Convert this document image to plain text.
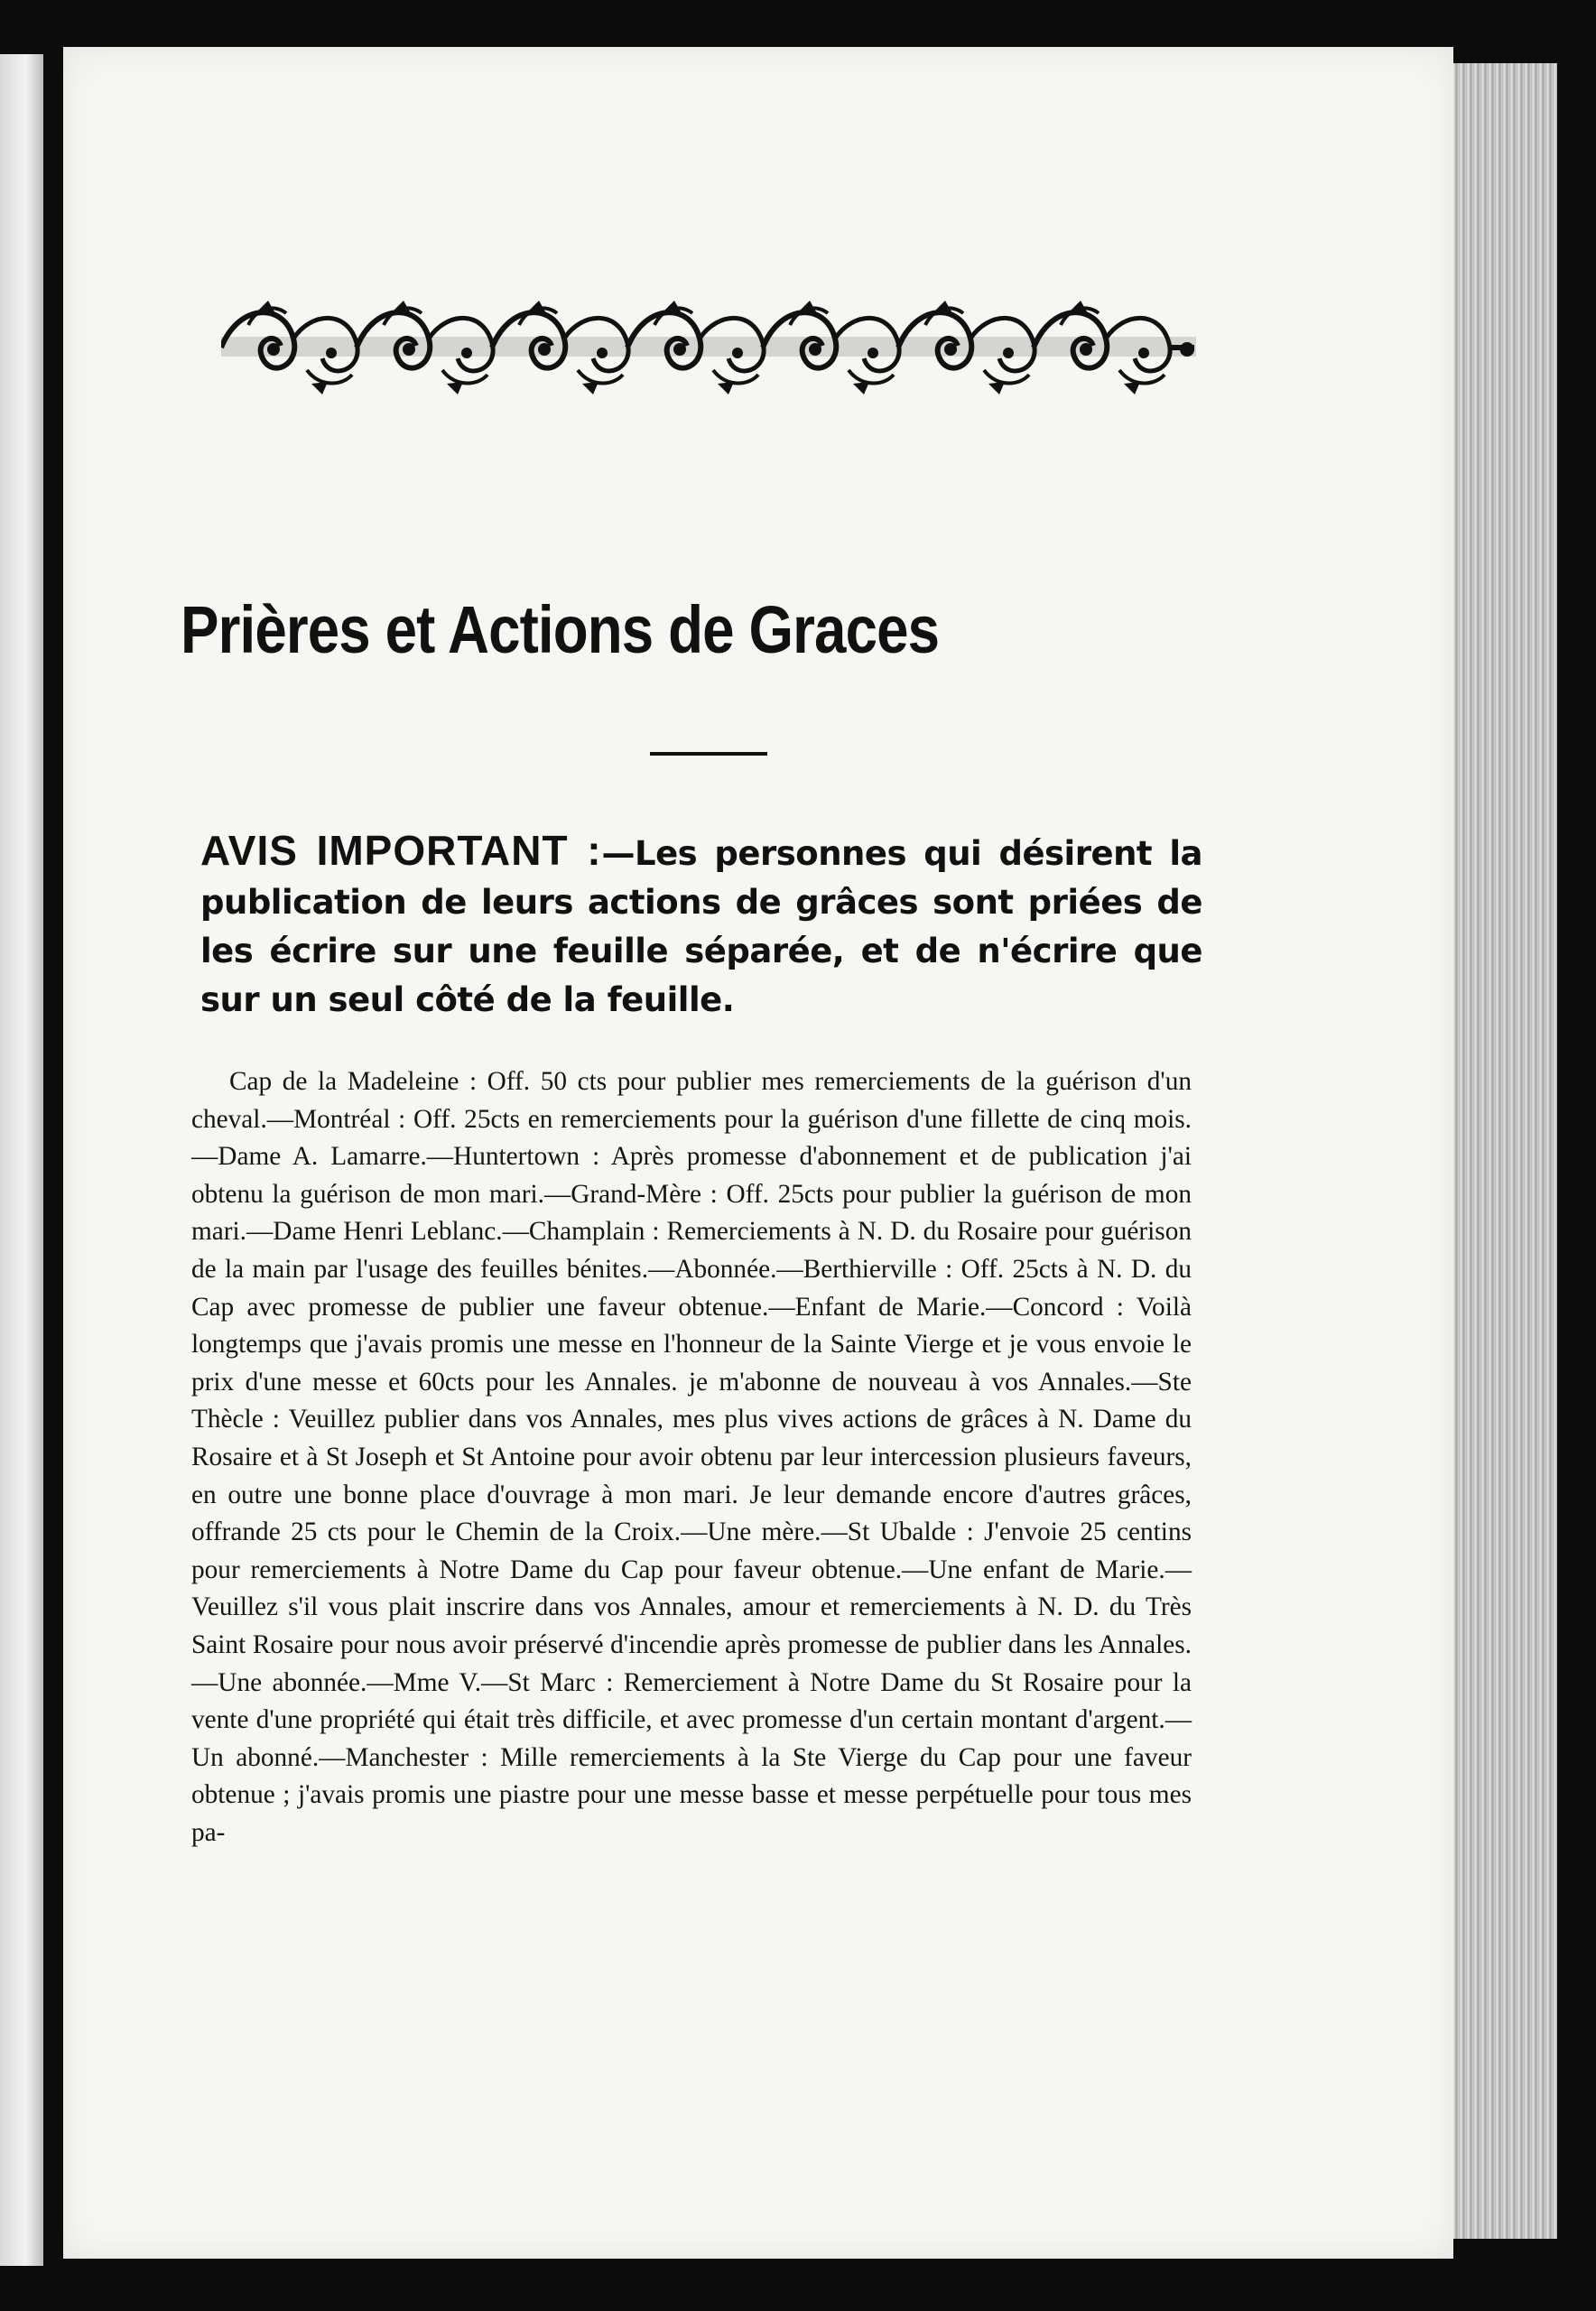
Prières et Actions de Graces
AVIS IMPORTANT :—Les personnes qui désirent la publication de leurs actions de grâces sont priées de les écrire sur une feuille séparée, et de n'écrire que sur un seul côté de la feuille.

Cap de la Madeleine : Off. 50 cts pour publier mes remerciements de la guérison d'un cheval.—Montréal : Off. 25cts en remerciements pour la guérison d'une fillette de cinq mois.—Dame A. Lamarre.—Huntertown : Après promesse d'abonnement et de publication j'ai obtenu la guérison de mon mari.—Grand-Mère : Off. 25cts pour publier la guérison de mon mari.—Dame Henri Leblanc.—Champlain : Remerciements à N. D. du Rosaire pour guérison de la main par l'usage des feuilles bénites.—Abonnée.—Berthierville : Off. 25cts à N. D. du Cap avec promesse de publier une faveur obtenue.—Enfant de Marie.—Concord : Voilà longtemps que j'avais promis une messe en l'honneur de la Sainte Vierge et je vous envoie le prix d'une messe et 60cts pour les Annales. je m'abonne de nouveau à vos Annales.—Ste Thècle : Veuillez publier dans vos Annales, mes plus vives actions de grâces à N. Dame du Rosaire et à St Joseph et St Antoine pour avoir obtenu par leur intercession plusieurs faveurs, en outre une bonne place d'ouvrage à mon mari. Je leur demande encore d'autres grâces, offrande 25 cts pour le Chemin de la Croix.—Une mère.—St Ubalde : J'envoie 25 centins pour remerciements à Notre Dame du Cap pour faveur obtenue.—Une enfant de Marie.—Veuillez s'il vous plait inscrire dans vos Annales, amour et remerciements à N. D. du Très Saint Rosaire pour nous avoir préservé d'incendie après promesse de publier dans les Annales.—Une abonnée.—Mme V.—St Marc : Remerciement à Notre Dame du St Rosaire pour la vente d'une propriété qui était très difficile, et avec promesse d'un certain montant d'argent.—Un abonné.—Manchester : Mille remerciements à la Ste Vierge du Cap pour une faveur obtenue ; j'avais promis une piastre pour une messe basse et messe perpétuelle pour tous mes pa-
